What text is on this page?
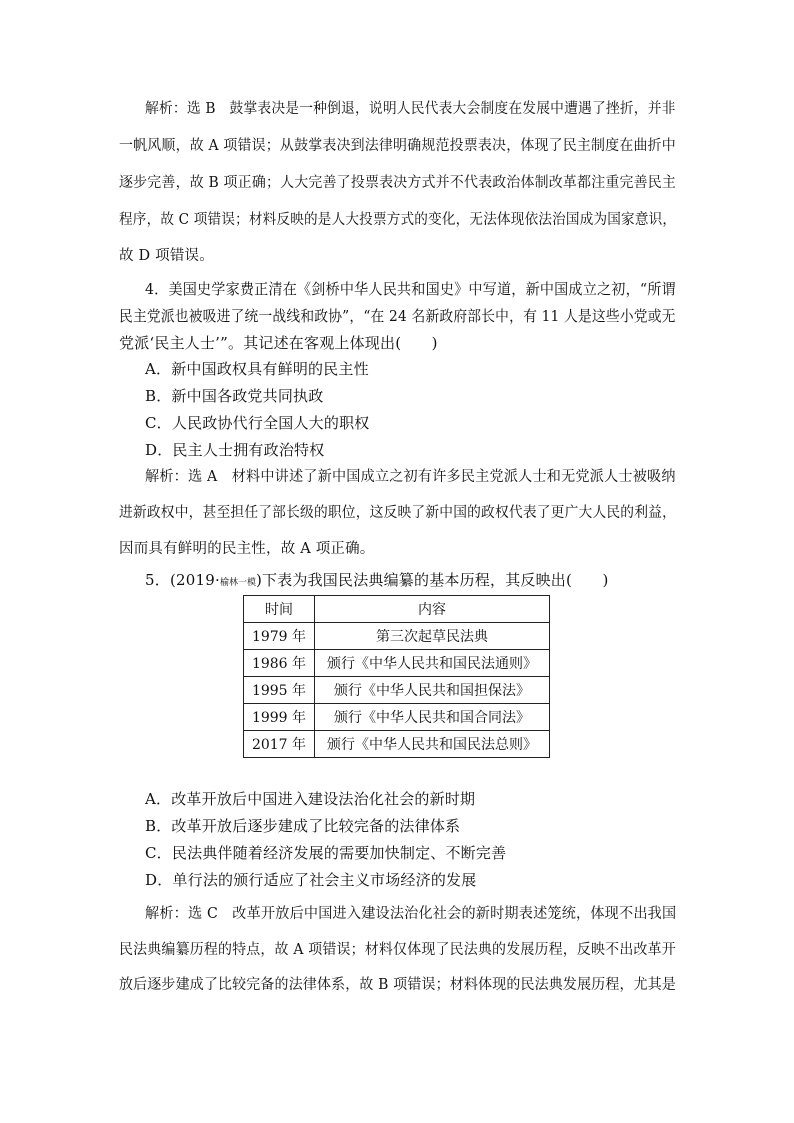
解析：选 B　鼓掌表决是一种倒退，说明人民代表大会制度在发展中遭遇了挫折，并非
一帆风顺，故 A 项错误；从鼓掌表决到法律明确规范投票表决，体现了民主制度在曲折中
逐步完善，故 B 项正确；人大完善了投票表决方式并不代表政治体制改革都注重完善民主
程序，故 C 项错误；材料反映的是人大投票方式的变化，无法体现依法治国成为国家意识，
故 D 项错误。
4．美国史学家费正清在《剑桥中华人民共和国史》中写道，新中国成立之初，“所谓
民主党派也被吸进了统一战线和政协”，“在 24 名新政府部长中，有 11 人是这些小党或无
党派‘民主人士’”。其记述在客观上体现出(　　)
A．新中国政权具有鲜明的民主性
B．新中国各政党共同执政
C．人民政协代行全国人大的职权
D．民主人士拥有政治特权
解析：选 A　材料中讲述了新中国成立之初有许多民主党派人士和无党派人士被吸纳
进新政权中，甚至担任了部长级的职位，这反映了新中国的政权代表了更广大人民的利益，
因而具有鲜明的民主性，故 A 项正确。
5．(2019·榆林一模)下表为我国民法典编纂的基本历程，其反映出(　　)
时间	内容
1979 年	第三次起草民法典
1986 年	颁行《中华人民共和国民法通则》
1995 年	颁行《中华人民共和国担保法》
1999 年	颁行《中华人民共和国合同法》
2017 年	颁行《中华人民共和国民法总则》
A．改革开放后中国进入建设法治化社会的新时期
B．改革开放后逐步建成了比较完备的法律体系
C．民法典伴随着经济发展的需要加快制定、不断完善
D．单行法的颁行适应了社会主义市场经济的发展
解析：选 C　改革开放后中国进入建设法治化社会的新时期表述笼统，体现不出我国
民法典编纂历程的特点，故 A 项错误；材料仅体现了民法典的发展历程，反映不出改革开
放后逐步建成了比较完备的法律体系，故 B 项错误；材料体现的民法典发展历程，尤其是
